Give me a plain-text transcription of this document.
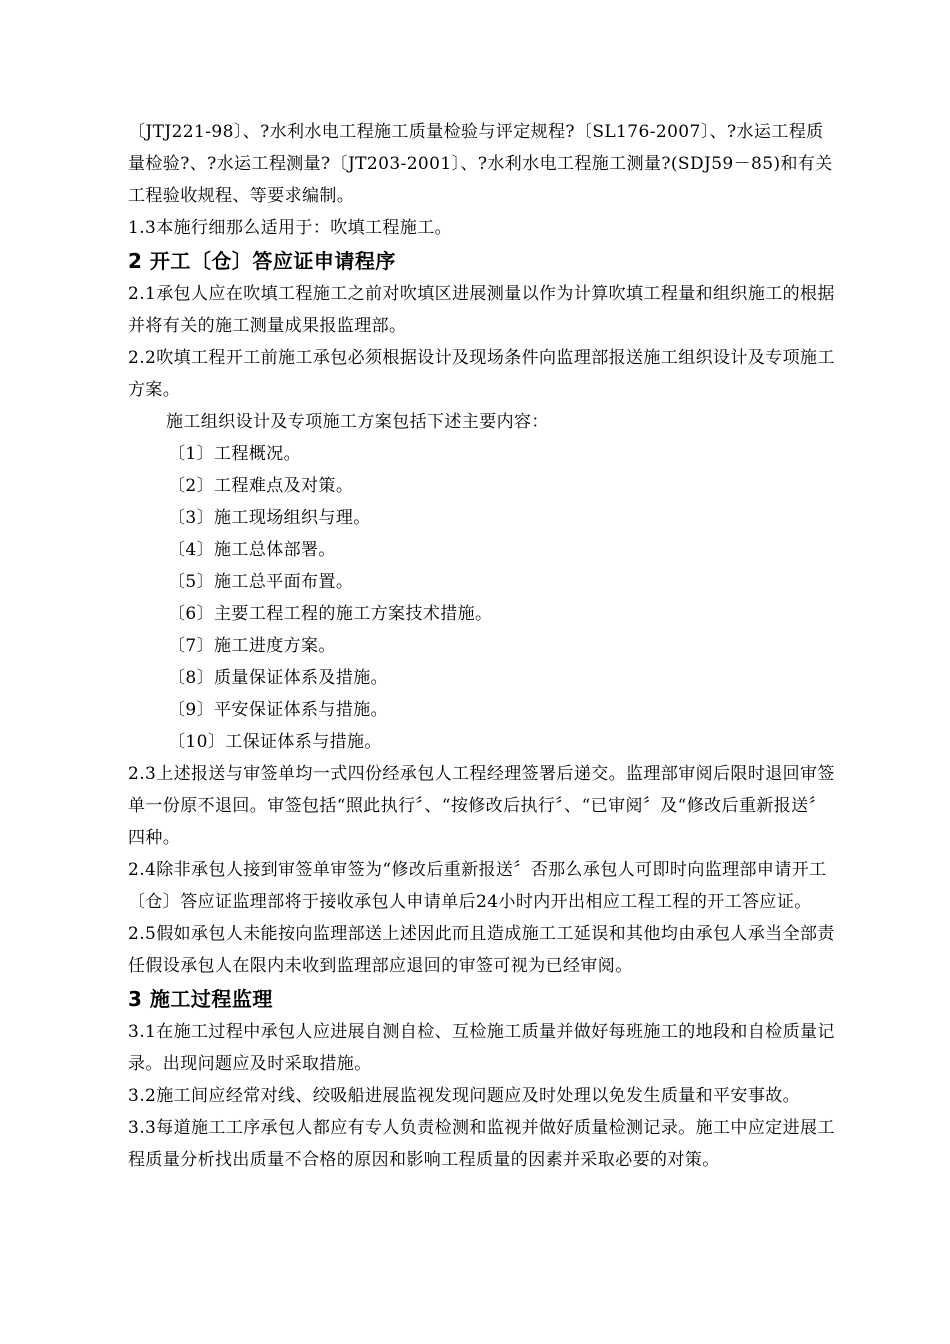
〔JTJ221-98〕、?水利水电工程施工质量检验与评定规程?〔SL176-2007〕、?水运工程质量检验?、?水运工程测量?〔JT203-2001〕、?水利水电工程施工测量?(SDJ59－85)和有关工程验收规程、等要求编制。

1.3本施行细那么适用于：吹填工程施工。

2 开工〔仓〕答应证申请程序

2.1承包人应在吹填工程施工之前对吹填区进展测量以作为计算吹填工程量和组织施工的根据并将有关的施工测量成果报监理部。

2.2吹填工程开工前施工承包必须根据设计及现场条件向监理部报送施工组织设计及专项施工方案。

施工组织设计及专项施工方案包括下述主要内容：

〔1〕工程概况。

〔2〕工程难点及对策。

〔3〕施工现场组织与理。

〔4〕施工总体部署。

〔5〕施工总平面布置。

〔6〕主要工程工程的施工方案技术措施。

〔7〕施工进度方案。

〔8〕质量保证体系及措施。

〔9〕平安保证体系与措施。

〔10〕工保证体系与措施。

2.3上述报送与审签单均一式四份经承包人工程经理签署后递交。监理部审阅后限时退回审签单一份原不退回。审签包括“照此执行〞、“按修改后执行〞、“已审阅〞及“修改后重新报送〞四种。

2.4除非承包人接到审签单审签为“修改后重新报送〞否那么承包人可即时向监理部申请开工〔仓〕答应证监理部将于接收承包人申请单后24小时内开出相应工程工程的开工答应证。

2.5假如承包人未能按向监理部送上述因此而且造成施工工延误和其他均由承包人承当全部责任假设承包人在限内未收到监理部应退回的审签可视为已经审阅。

3 施工过程监理

3.1在施工过程中承包人应进展自测自检、互检施工质量并做好每班施工的地段和自检质量记录。出现问题应及时采取措施。

3.2施工间应经常对线、绞吸船进展监视发现问题应及时处理以免发生质量和平安事故。

3.3每道施工工序承包人都应有专人负责检测和监视并做好质量检测记录。施工中应定进展工程质量分析找出质量不合格的原因和影响工程质量的因素并采取必要的对策。
